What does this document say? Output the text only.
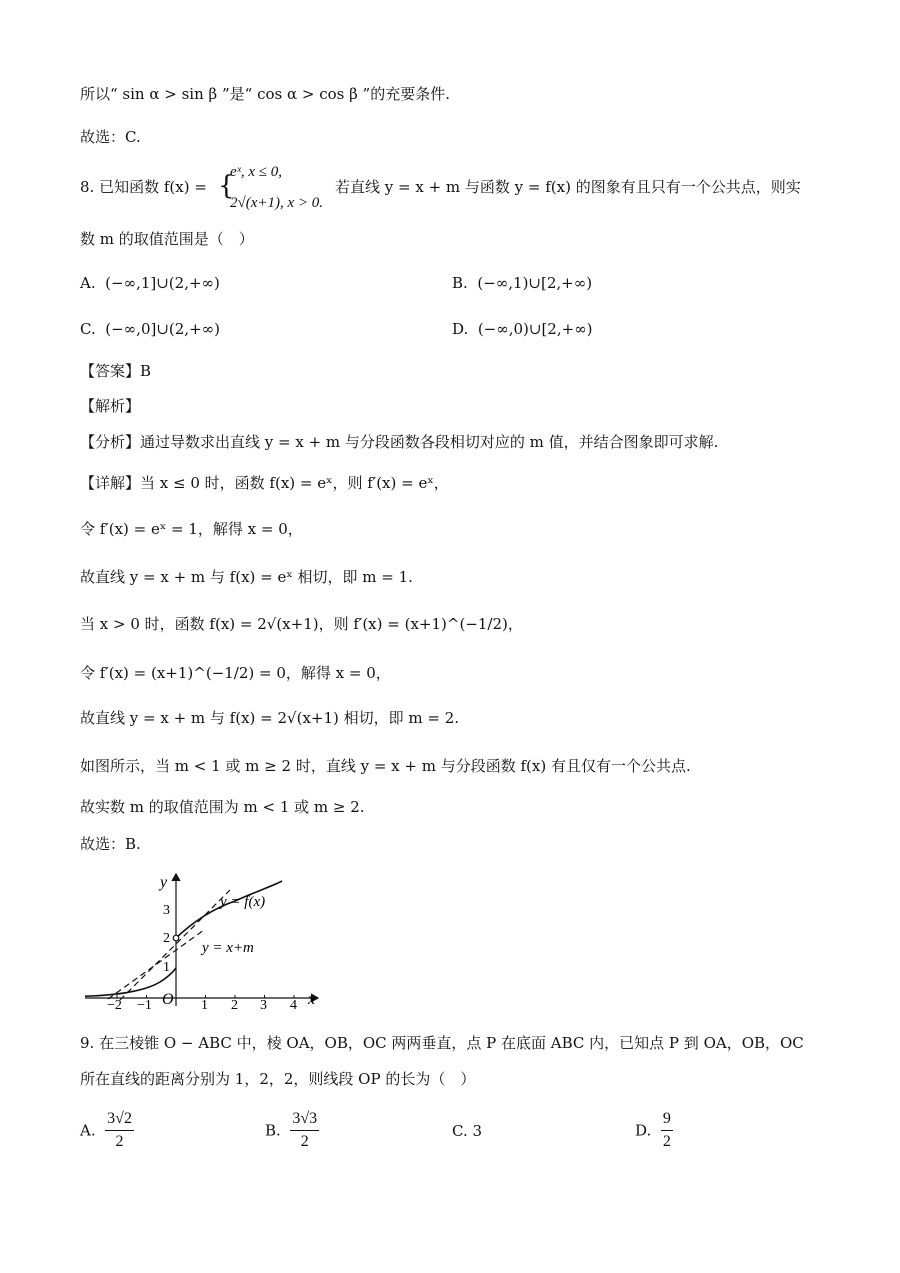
所以“ sin α > sin β ”是“ cos α > cos β ”的充要条件.
故选：C.
8. 已知函数 f(x) = {
eˣ, x ≤ 0,
2√(x+1), x > 0.
若直线 y = x + m 与函数 y = f(x) 的图象有且只有一个公共点，则实
数 m 的取值范围是（　）
A. (−∞,1]∪(2,+∞)	B. (−∞,1)∪[2,+∞)
C. (−∞,0]∪(2,+∞)	D. (−∞,0)∪[2,+∞)
【答案】B
【解析】
【分析】通过导数求出直线 y = x + m 与分段函数各段相切对应的 m 值，并结合图象即可求解.
【详解】当 x ≤ 0 时，函数 f(x) = eˣ，则 f′(x) = eˣ，
令 f′(x) = eˣ = 1，解得 x = 0，
故直线 y = x + m 与 f(x) = eˣ 相切，即 m = 1.
当 x > 0 时，函数 f(x) = 2√(x+1)，则 f′(x) = (x+1)^(−1/2)，
令 f′(x) = (x+1)^(−1/2) = 0，解得 x = 0，
故直线 y = x + m 与 f(x) = 2√(x+1) 相切，即 m = 2.
如图所示，当 m < 1 或 m ≥ 2 时，直线 y = x + m 与分段函数 f(x) 有且仅有一个公共点.
故实数 m 的取值范围为 m < 1 或 m ≥ 2.
故选：B.
y
x
O
y = f(x)
y = x+m
−2 −1	1 2 3 4
1
2
3
9. 在三棱锥 O − ABC 中，棱 OA，OB，OC 两两垂直，点 P 在底面 ABC 内，已知点 P 到 OA，OB，OC
所在直线的距离分别为 1，2，2，则线段 OP 的长为（　）
A. $\frac{3√2}{2}$	B. $\frac{3√3}{2}$	C. 3	D. $\frac{9}{2}$
